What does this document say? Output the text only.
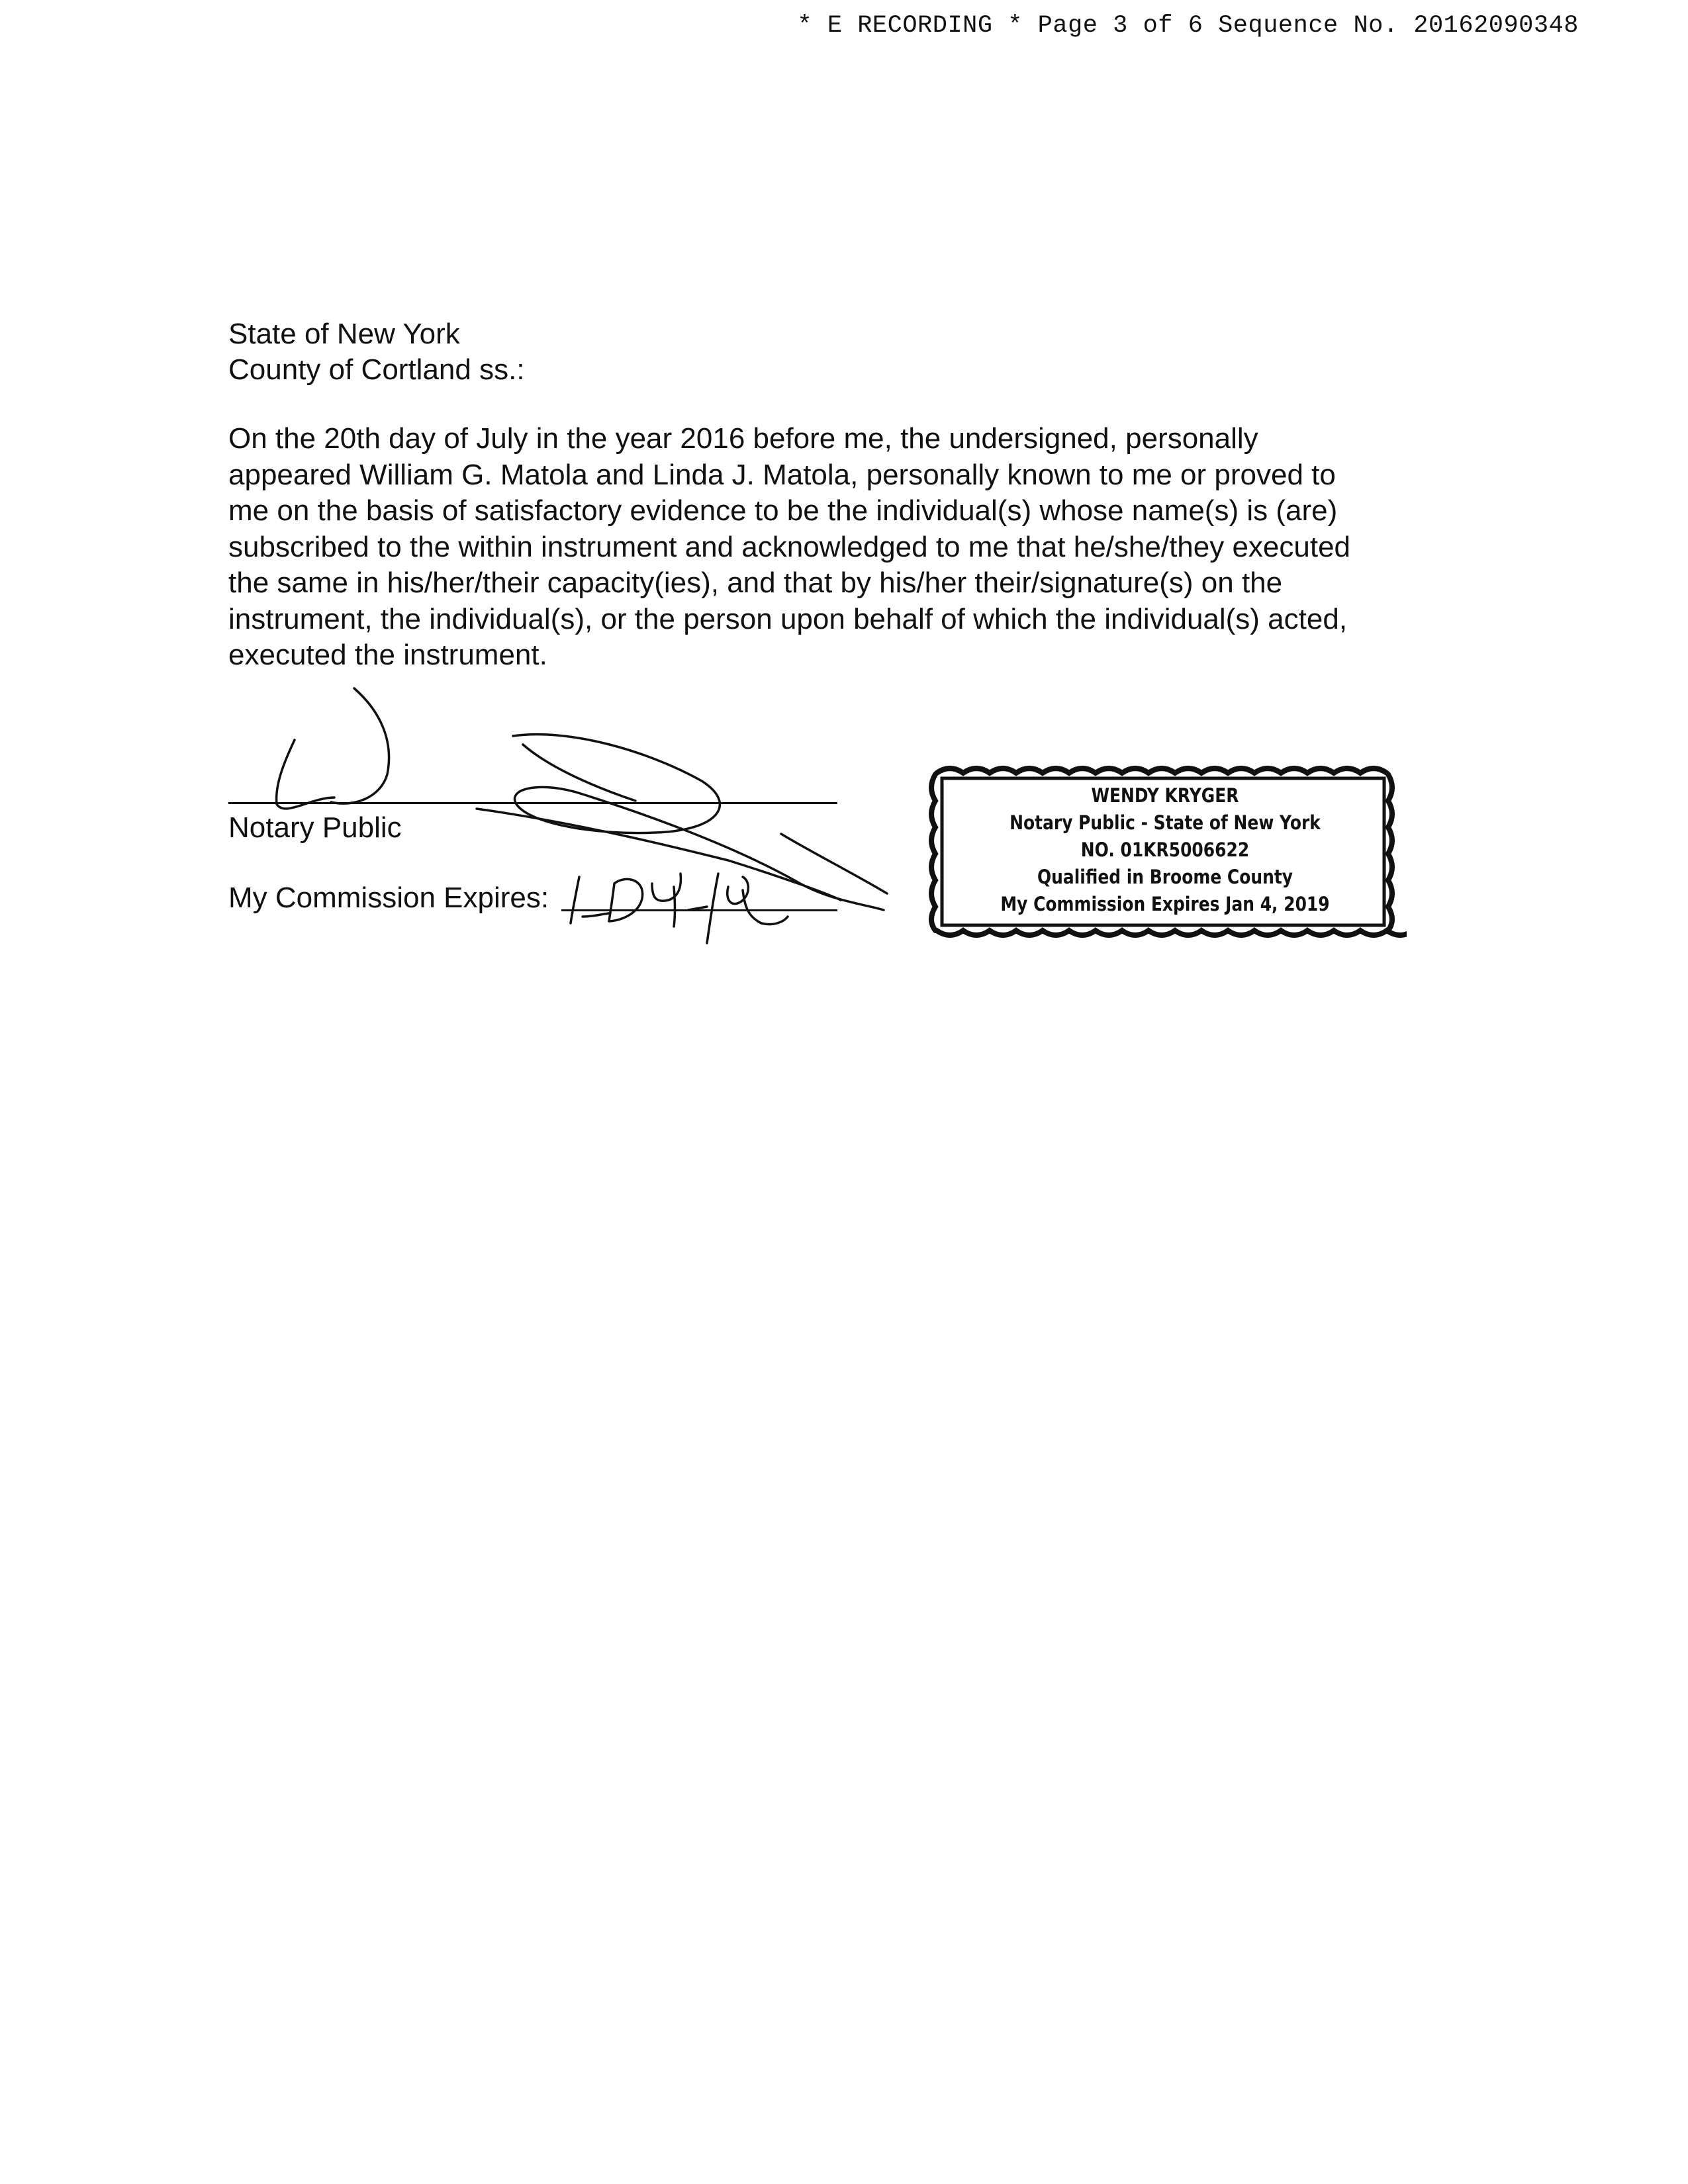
* E RECORDING * Page 3 of 6 Sequence No. 20162090348
State of New York
County of Cortland ss.:
On the 20th day of July in the year 2016 before me, the undersigned, personally
appeared William G. Matola and Linda J. Matola, personally known to me or proved to
me on the basis of satisfactory evidence to be the individual(s) whose name(s) is (are)
subscribed to the within instrument and acknowledged to me that he/she/they executed
the same in his/her/their capacity(ies), and that by his/her their/signature(s) on the
instrument, the individual(s), or the person upon behalf of which the individual(s) acted,
executed the instrument.
Notary Public
My Commission Expires:
WENDY KRYGER
Notary Public - State of New York
NO. 01KR5006622
Qualified in Broome County
My Commission Expires Jan 4, 2019
